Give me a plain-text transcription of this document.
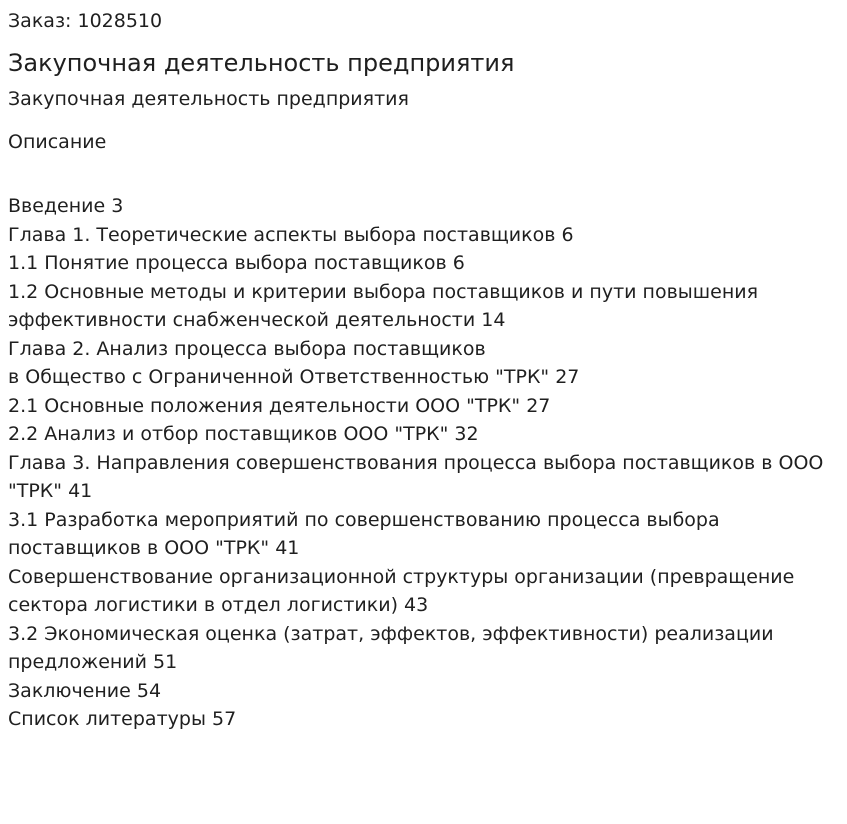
Заказ: 1028510

Закупочная деятельность предприятия

Закупочная деятельность предприятия

Описание

Введение 3

Глава 1. Теоретические аспекты выбора поставщиков 6

1.1 Понятие процесса выбора поставщиков 6

1.2 Основные методы и критерии выбора поставщиков и пути повышения

эффективности снабженческой деятельности 14

Глава 2. Анализ процесса выбора поставщиков

в Общество с Ограниченной Ответственностью "ТРК" 27

2.1 Основные положения деятельности ООО "ТРК" 27

2.2 Анализ и отбор поставщиков ООО "ТРК" 32

Глава 3. Направления совершенствования процесса выбора поставщиков в ООО

"ТРК" 41

3.1 Разработка мероприятий по совершенствованию процесса выбора

поставщиков в ООО "ТРК" 41

Совершенствование организационной структуры организации (превращение

сектора логистики в отдел логистики) 43

3.2 Экономическая оценка (затрат, эффектов, эффективности) реализации

предложений 51

Заключение 54

Список литературы 57
